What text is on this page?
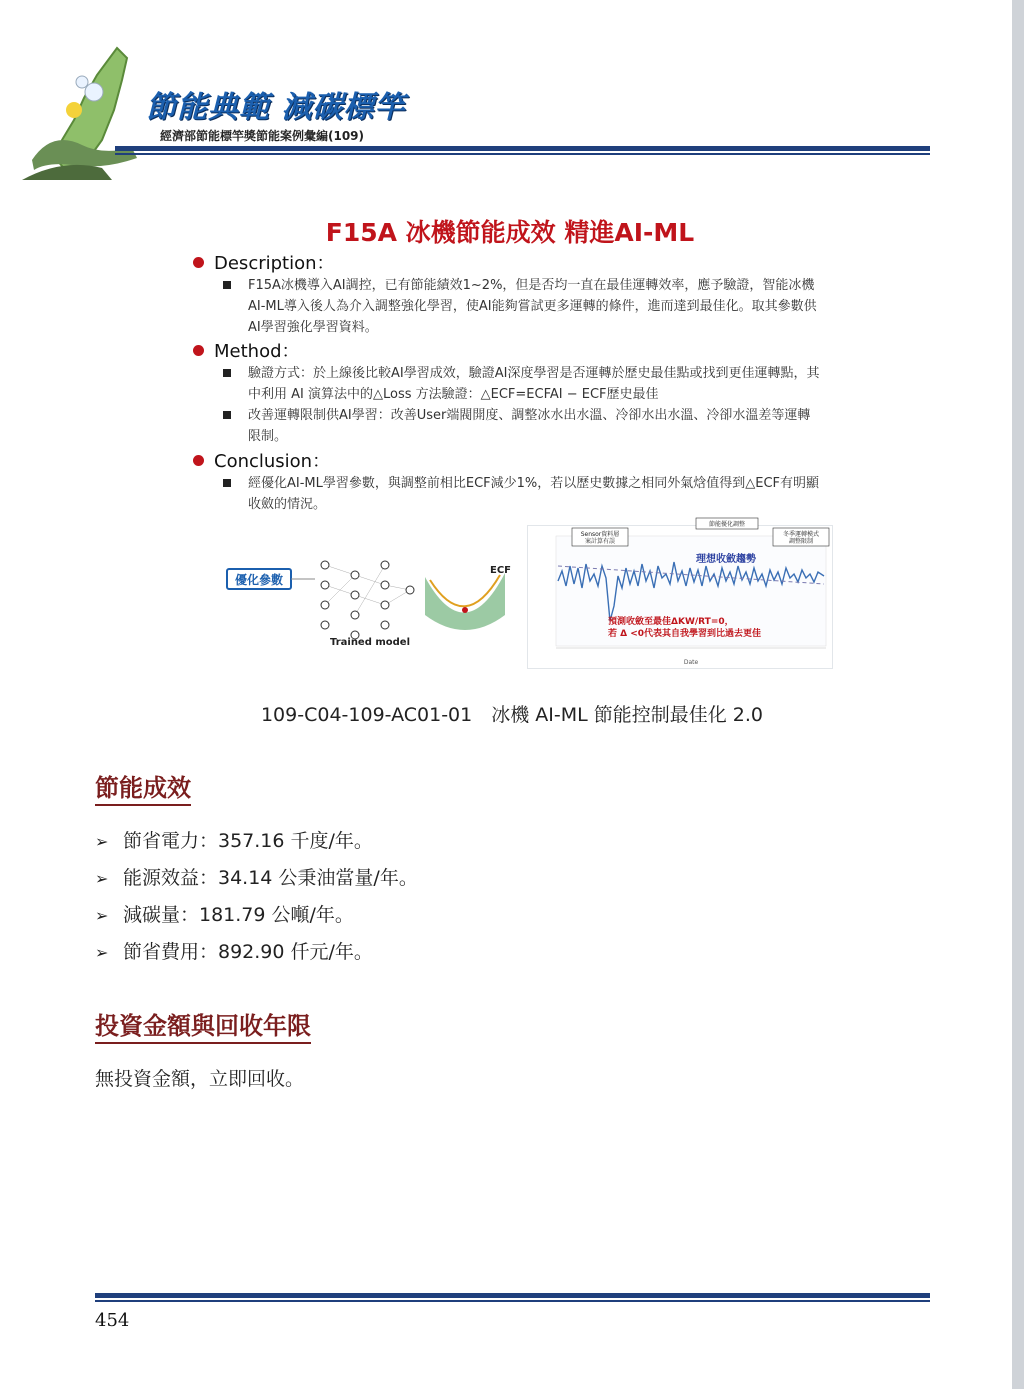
節能典範 減碳標竿
經濟部節能標竿獎節能案例彙編(109)
F15A 冰機節能成效 精進AI-ML
Description：
F15A冰機導入AI調控，已有節能績效1~2%，但是否均一直在最佳運轉效率，應予驗證，智能冰機AI-ML導入後人為介入調整強化學習，使AI能夠嘗試更多運轉的條件，進而達到最佳化。取其參數供AI學習強化學習資料。
Method：
驗證方式：於上線後比較AI學習成效，驗證AI深度學習是否運轉於歷史最佳點或找到更佳運轉點，其中利用 AI 演算法中的△Loss 方法驗證：△ECF=ECFAI − ECF歷史最佳
改善運轉限制供AI學習：改善User端閥開度、調整冰水出水溫、冷卻水出水溫、冷卻水溫差等運轉限制。
Conclusion：
經優化AI-ML學習參數，與調整前相比ECF減少1%，若以歷史數據之相同外氣焓值得到△ECF有明顯收斂的情況。
優化參數
Trained model
ECF
Sensor資料層
案計算有誤
節能優化調整
冬季運轉模式
調整限制
理想收斂趨勢
預測收斂至最佳ΔKW/RT=0，
若 Δ <0代表其自我學習到比過去更佳
Date
109-C04-109-AC01-01　冰機 AI-ML 節能控制最佳化 2.0
節能成效
➢ 節省電力：357.16 千度/年。
➢ 能源效益：34.14 公秉油當量/年。
➢ 減碳量：181.79 公噸/年。
➢ 節省費用：892.90 仟元/年。
投資金額與回收年限
無投資金額，立即回收。
454
